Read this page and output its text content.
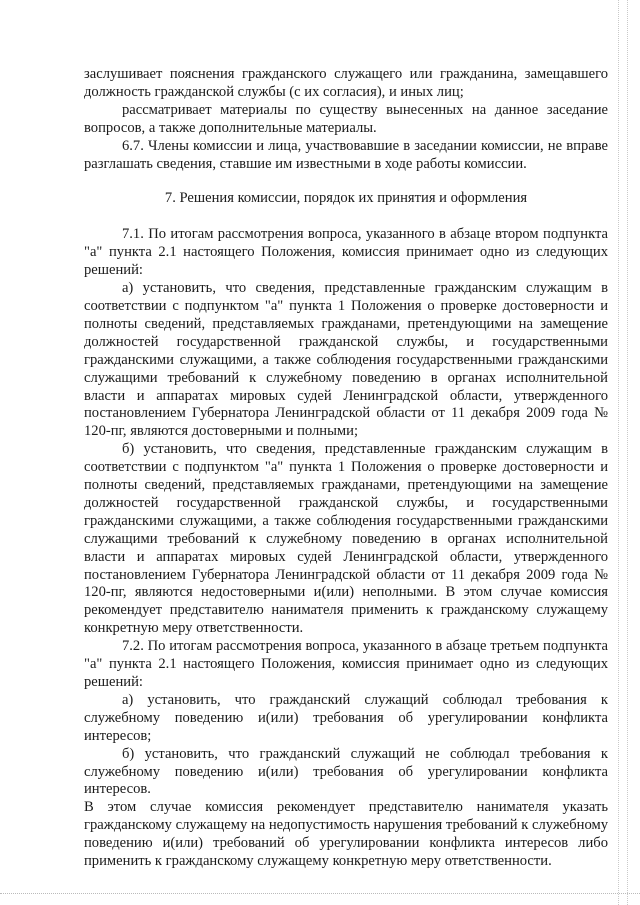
заслушивает пояснения гражданского служащего или гражданина, замещавшего должность гражданской службы (с их согласия), и иных лиц;

рассматривает материалы по существу вынесенных на данное заседание вопросов, а также дополнительные материалы.

6.7. Члены комиссии и лица, участвовавшие в заседании комиссии, не вправе разглашать сведения, ставшие им известными в ходе работы комиссии.

7. Решения комиссии, порядок их принятия и оформления

7.1. По итогам рассмотрения вопроса, указанного в абзаце втором подпункта "а" пункта 2.1 настоящего Положения, комиссия принимает одно из следующих решений:

а) установить, что сведения, представленные гражданским служащим в соответствии с подпунктом "а" пункта 1 Положения о проверке достоверности и полноты сведений, представляемых гражданами, претендующими на замещение должностей государственной гражданской службы, и государственными гражданскими служащими, а также соблюдения государственными гражданскими служащими требований к служебному поведению в органах исполнительной власти и аппаратах мировых судей Ленинградской области, утвержденного постановлением Губернатора Ленинградской области от 11 декабря 2009 года № 120-пг, являются достоверными и полными;

б) установить, что сведения, представленные гражданским служащим в соответствии с подпунктом "а" пункта 1 Положения о проверке достоверности и полноты сведений, представляемых гражданами, претендующими на замещение должностей государственной гражданской службы, и государственными гражданскими служащими, а также соблюдения государственными гражданскими служащими требований к служебному поведению в органах исполнительной власти и аппаратах мировых судей Ленинградской области, утвержденного постановлением Губернатора Ленинградской области от 11 декабря 2009 года № 120-пг, являются недостоверными и(или) неполными. В этом случае комиссия рекомендует представителю нанимателя применить к гражданскому служащему конкретную меру ответственности.

7.2. По итогам рассмотрения вопроса, указанного в абзаце третьем подпункта "а" пункта 2.1 настоящего Положения, комиссия принимает одно из следующих решений:

а) установить, что гражданский служащий соблюдал требования к служебному поведению и(или) требования об урегулировании конфликта интересов;

б) установить, что гражданский служащий не соблюдал требования к служебному поведению и(или) требования об урегулировании конфликта интересов.

В этом случае комиссия рекомендует представителю нанимателя указать гражданскому служащему на недопустимость нарушения требований к служебному поведению и(или) требований об урегулировании конфликта интересов либо применить к гражданскому служащему конкретную меру ответственности.
